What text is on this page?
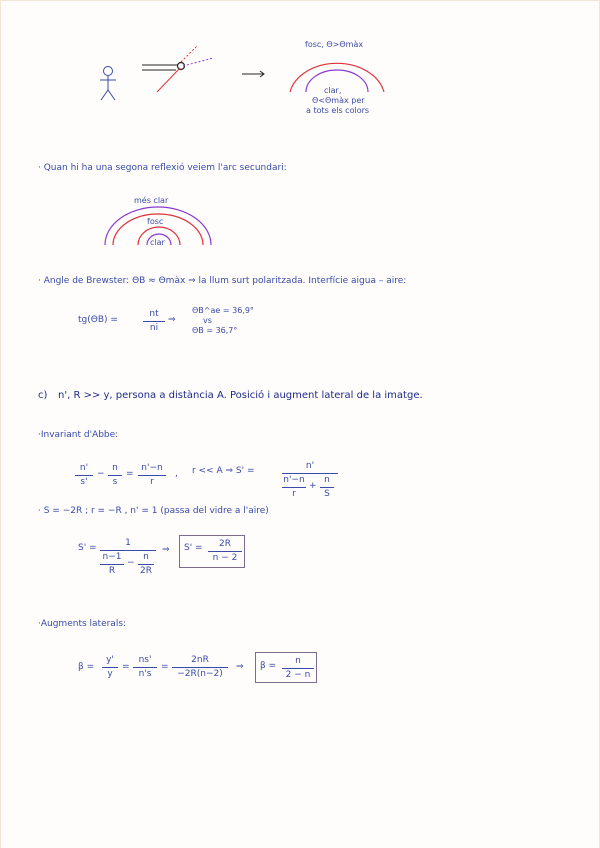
fosc, Θ>Θmàx
clar,
Θ<Θmàx per
a tots els colors
· Quan hi ha una segona reflexió veiem l'arc secundari:
més clar
fosc
clar
· Angle de Brewster: ΘB ≈ Θmàx ⇒ la llum surt polaritzada. Interfície aigua – aire:
tg(ΘB) =
nt
ni
⇒
ΘB^ae = 36,9°
vs
ΘB = 36,7°
c) n', R >> y, persona a distància A. Posició i augment lateral de la imatge.
·Invariant d'Abbe:
n'
s'
−
n
s
=
n'−n
r
, r << A ⇒ S' =	n'
n'−n
r
+
n
S
· S = −2R ; r = −R , n' = 1 (passa del vidre a l'aire)
S' =	1
n−1
R
−
n
2R
⇒ S' =	2R
n − 2
·Augments laterals:
β =
y'
y
=
ns'
n's
=
2nR
−2R(n−2)
⇒ β =	n
2 − n
